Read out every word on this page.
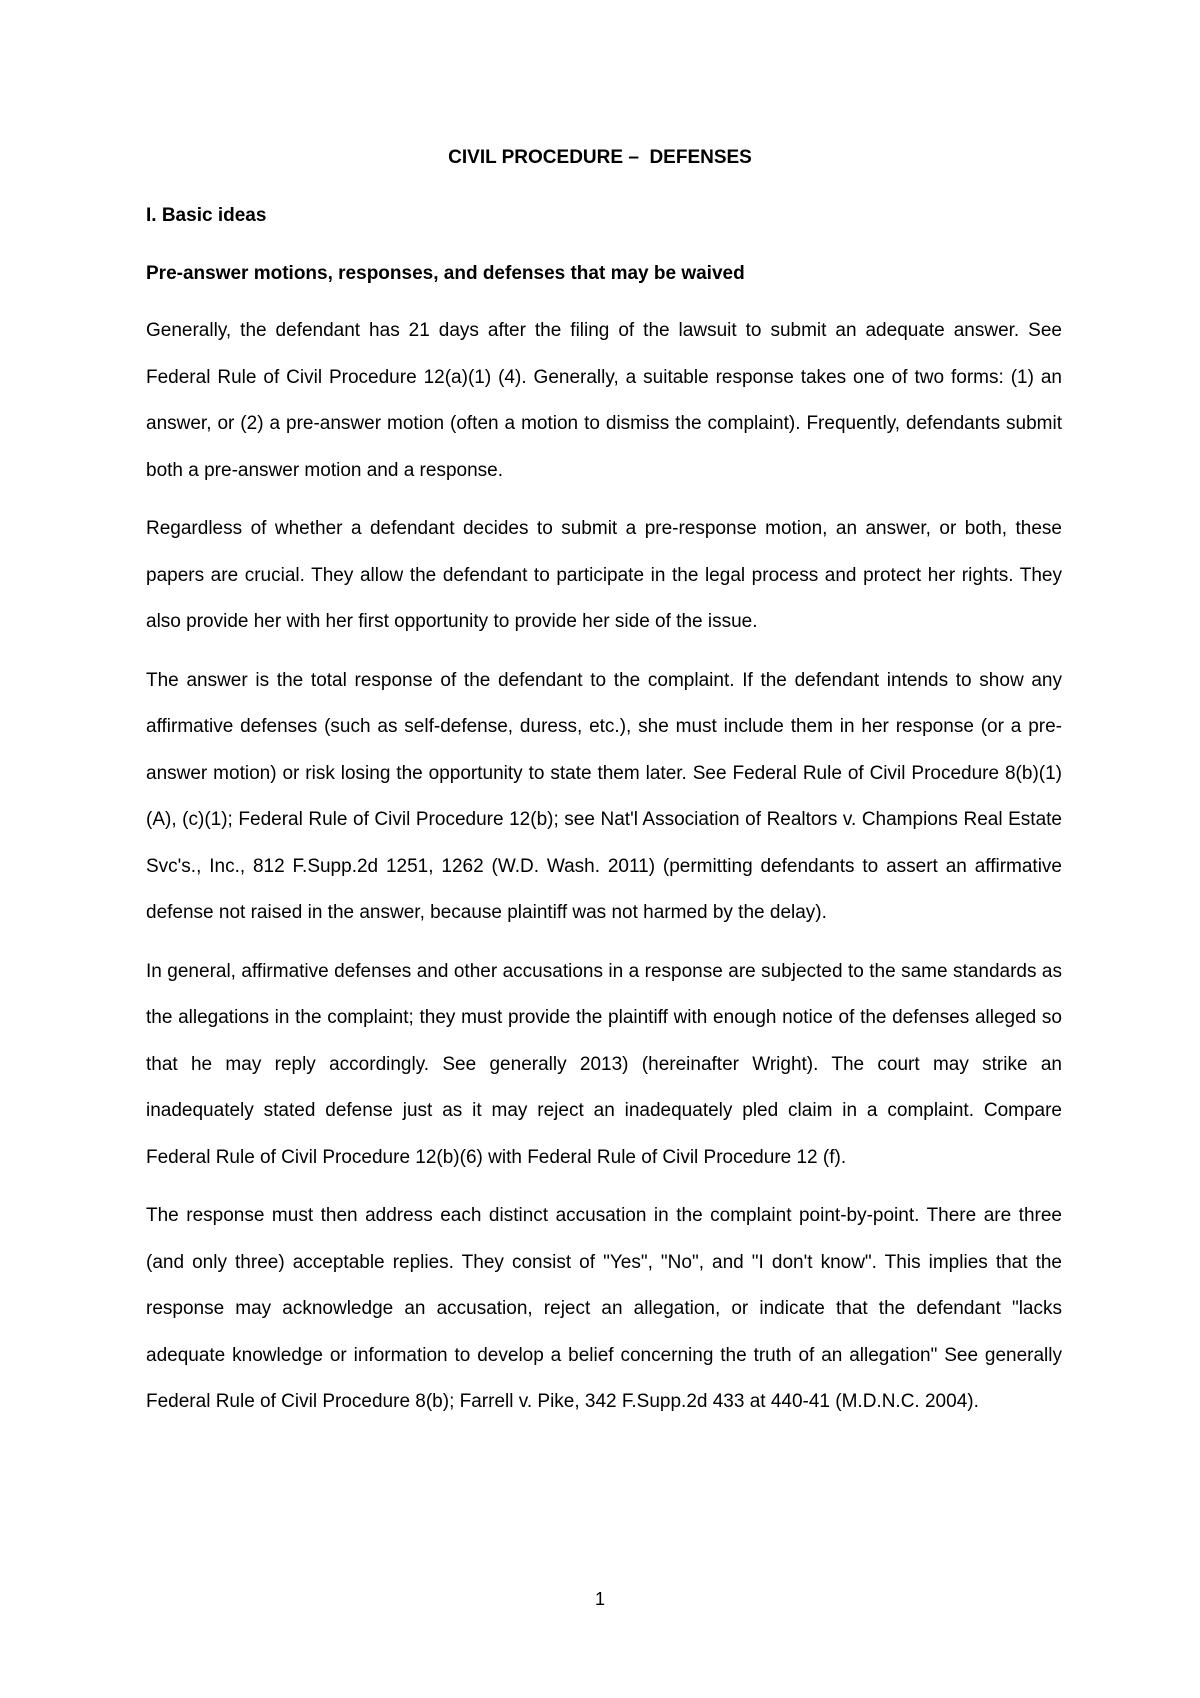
CIVIL PROCEDURE –  DEFENSES
I. Basic ideas
Pre-answer motions, responses, and defenses that may be waived

Generally, the defendant has 21 days after the filing of the lawsuit to submit an adequate answer. See Federal Rule of Civil Procedure 12(a)(1) (4). Generally, a suitable response takes one of two forms: (1) an answer, or (2) a pre-answer motion (often a motion to dismiss the complaint). Frequently, defendants submit both a pre-answer motion and a response.

Regardless of whether a defendant decides to submit a pre-response motion, an answer, or both, these papers are crucial. They allow the defendant to participate in the legal process and protect her rights. They also provide her with her first opportunity to provide her side of the issue.

The answer is the total response of the defendant to the complaint. If the defendant intends to show any affirmative defenses (such as self-defense, duress, etc.), she must include them in her response (or a pre-answer motion) or risk losing the opportunity to state them later. See Federal Rule of Civil Procedure 8(b)(1)(A), (c)(1); Federal Rule of Civil Procedure 12(b); see Nat'l Association of Realtors v. Champions Real Estate Svc's., Inc., 812 F.Supp.2d 1251, 1262 (W.D. Wash. 2011) (permitting defendants to assert an affirmative defense not raised in the answer, because plaintiff was not harmed by the delay).

In general, affirmative defenses and other accusations in a response are subjected to the same standards as the allegations in the complaint; they must provide the plaintiff with enough notice of the defenses alleged so that he may reply accordingly. See generally 2013) (hereinafter Wright). The court may strike an inadequately stated defense just as it may reject an inadequately pled claim in a complaint. Compare Federal Rule of Civil Procedure 12(b)(6) with Federal Rule of Civil Procedure 12 (f).

The response must then address each distinct accusation in the complaint point-by-point. There are three (and only three) acceptable replies. They consist of "Yes", "No", and "I don't know". This implies that the response may acknowledge an accusation, reject an allegation, or indicate that the defendant "lacks adequate knowledge or information to develop a belief concerning the truth of an allegation" See generally Federal Rule of Civil Procedure 8(b); Farrell v. Pike, 342 F.Supp.2d 433 at 440-41 (M.D.N.C. 2004).

1
